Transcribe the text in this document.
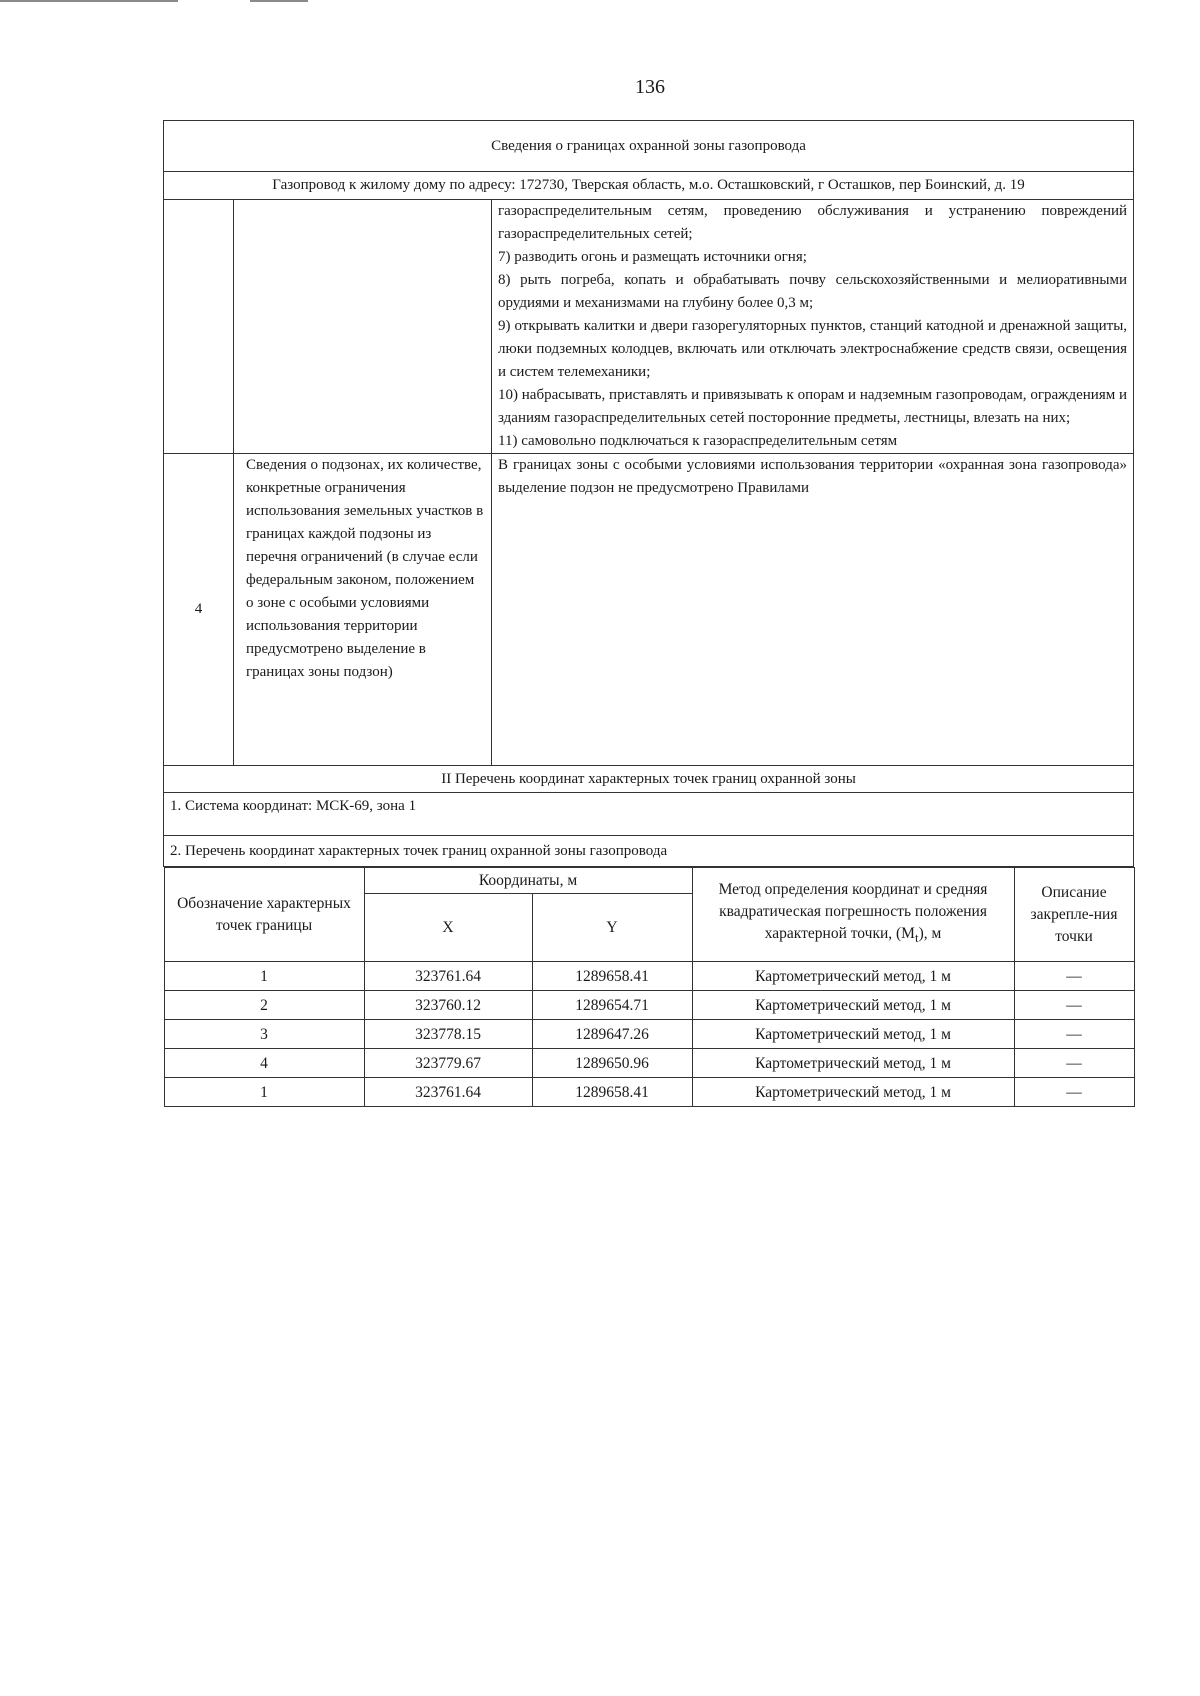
136
Сведения о границах охранной зоны газопровода
Газопровод к жилому дому по адресу: 172730, Тверская область, м.о. Осташковский, г Осташков, пер Боинский, д. 19

газораспределительным сетям, проведению обслуживания и устранению повреждений газораспределительных сетей;
7) разводить огонь и размещать источники огня;
8) рыть погреба, копать и обрабатывать почву сельскохозяйственными и мелиоративными орудиями и механизмами на глубину более 0,3 м;
9) открывать калитки и двери газорегуляторных пунктов, станций катодной и дренажной защиты, люки подземных колодцев, включать или отключать электроснабжение средств связи, освещения и систем телемеханики;
10) набрасывать, приставлять и привязывать к опорам и надземным газопроводам, ограждениям и зданиям газораспределительных сетей посторонние предметы, лестницы, влезать на них;
11) самовольно подключаться к газораспределительным сетям

4	Сведения о подзонах, их количестве, конкретные ограничения использования земельных участков в границах каждой подзоны из перечня ограничений (в случае если федеральным законом, положением о зоне с особыми условиями использования территории предусмотрено выделение в границах зоны подзон)	В границах зоны с особыми условиями использования территории «охранная зона газопровода» выделение подзон не предусмотрено Правилами
II Перечень координат характерных точек границ охранной зоны
1. Система координат: МСК-69, зона 1
2. Перечень координат характерных точек границ охранной зоны газопровода

Обозначение характерных точек границы	Координаты, м	Метод определения координат и средняя квадратическая погрешность положения характерной точки, $(M_t)$, м	Описание закрепле-ния точки
X	Y
1	323761.64	1289658.41	Картометрический метод, 1 м	—
2	323760.12	1289654.71	Картометрический метод, 1 м	—
3	323778.15	1289647.26	Картометрический метод, 1 м	—
4	323779.67	1289650.96	Картометрический метод, 1 м	—
1	323761.64	1289658.41	Картометрический метод, 1 м	—
